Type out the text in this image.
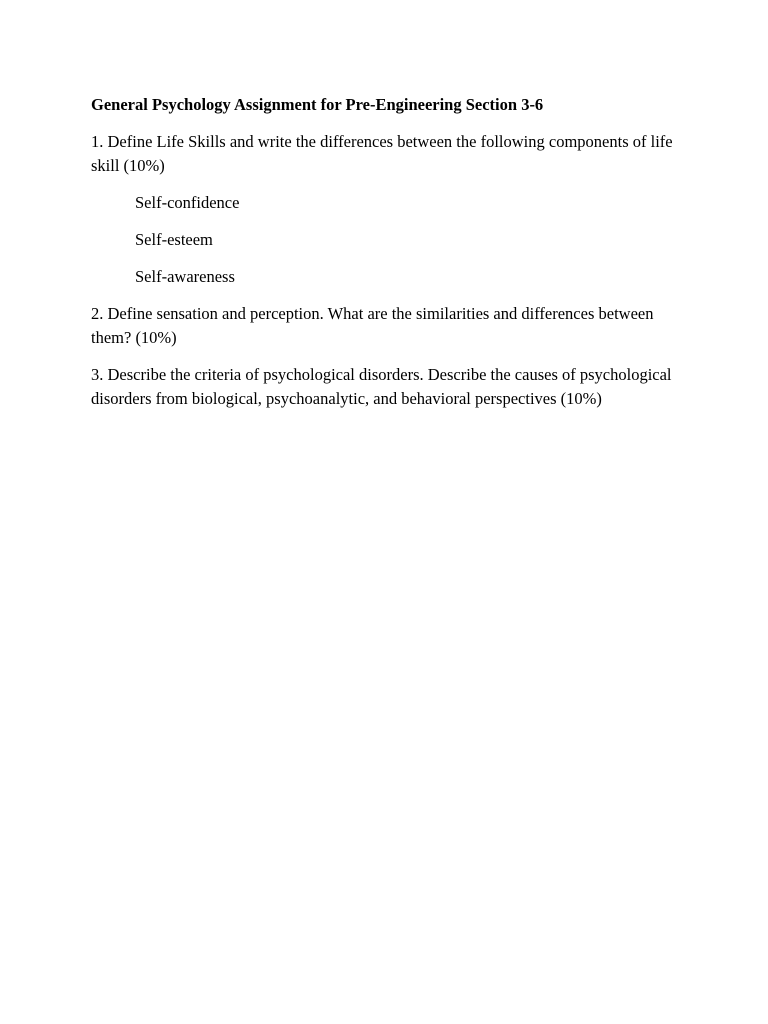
General Psychology Assignment for Pre-Engineering Section 3-6

1. Define Life Skills and write the differences between the following components of life skill (10%)

Self-confidence
Self-esteem
Self-awareness

2. Define sensation and perception. What are the similarities and differences between them? (10%)

3. Describe the criteria of psychological disorders. Describe the causes of psychological disorders from biological, psychoanalytic, and behavioral perspectives (10%)
